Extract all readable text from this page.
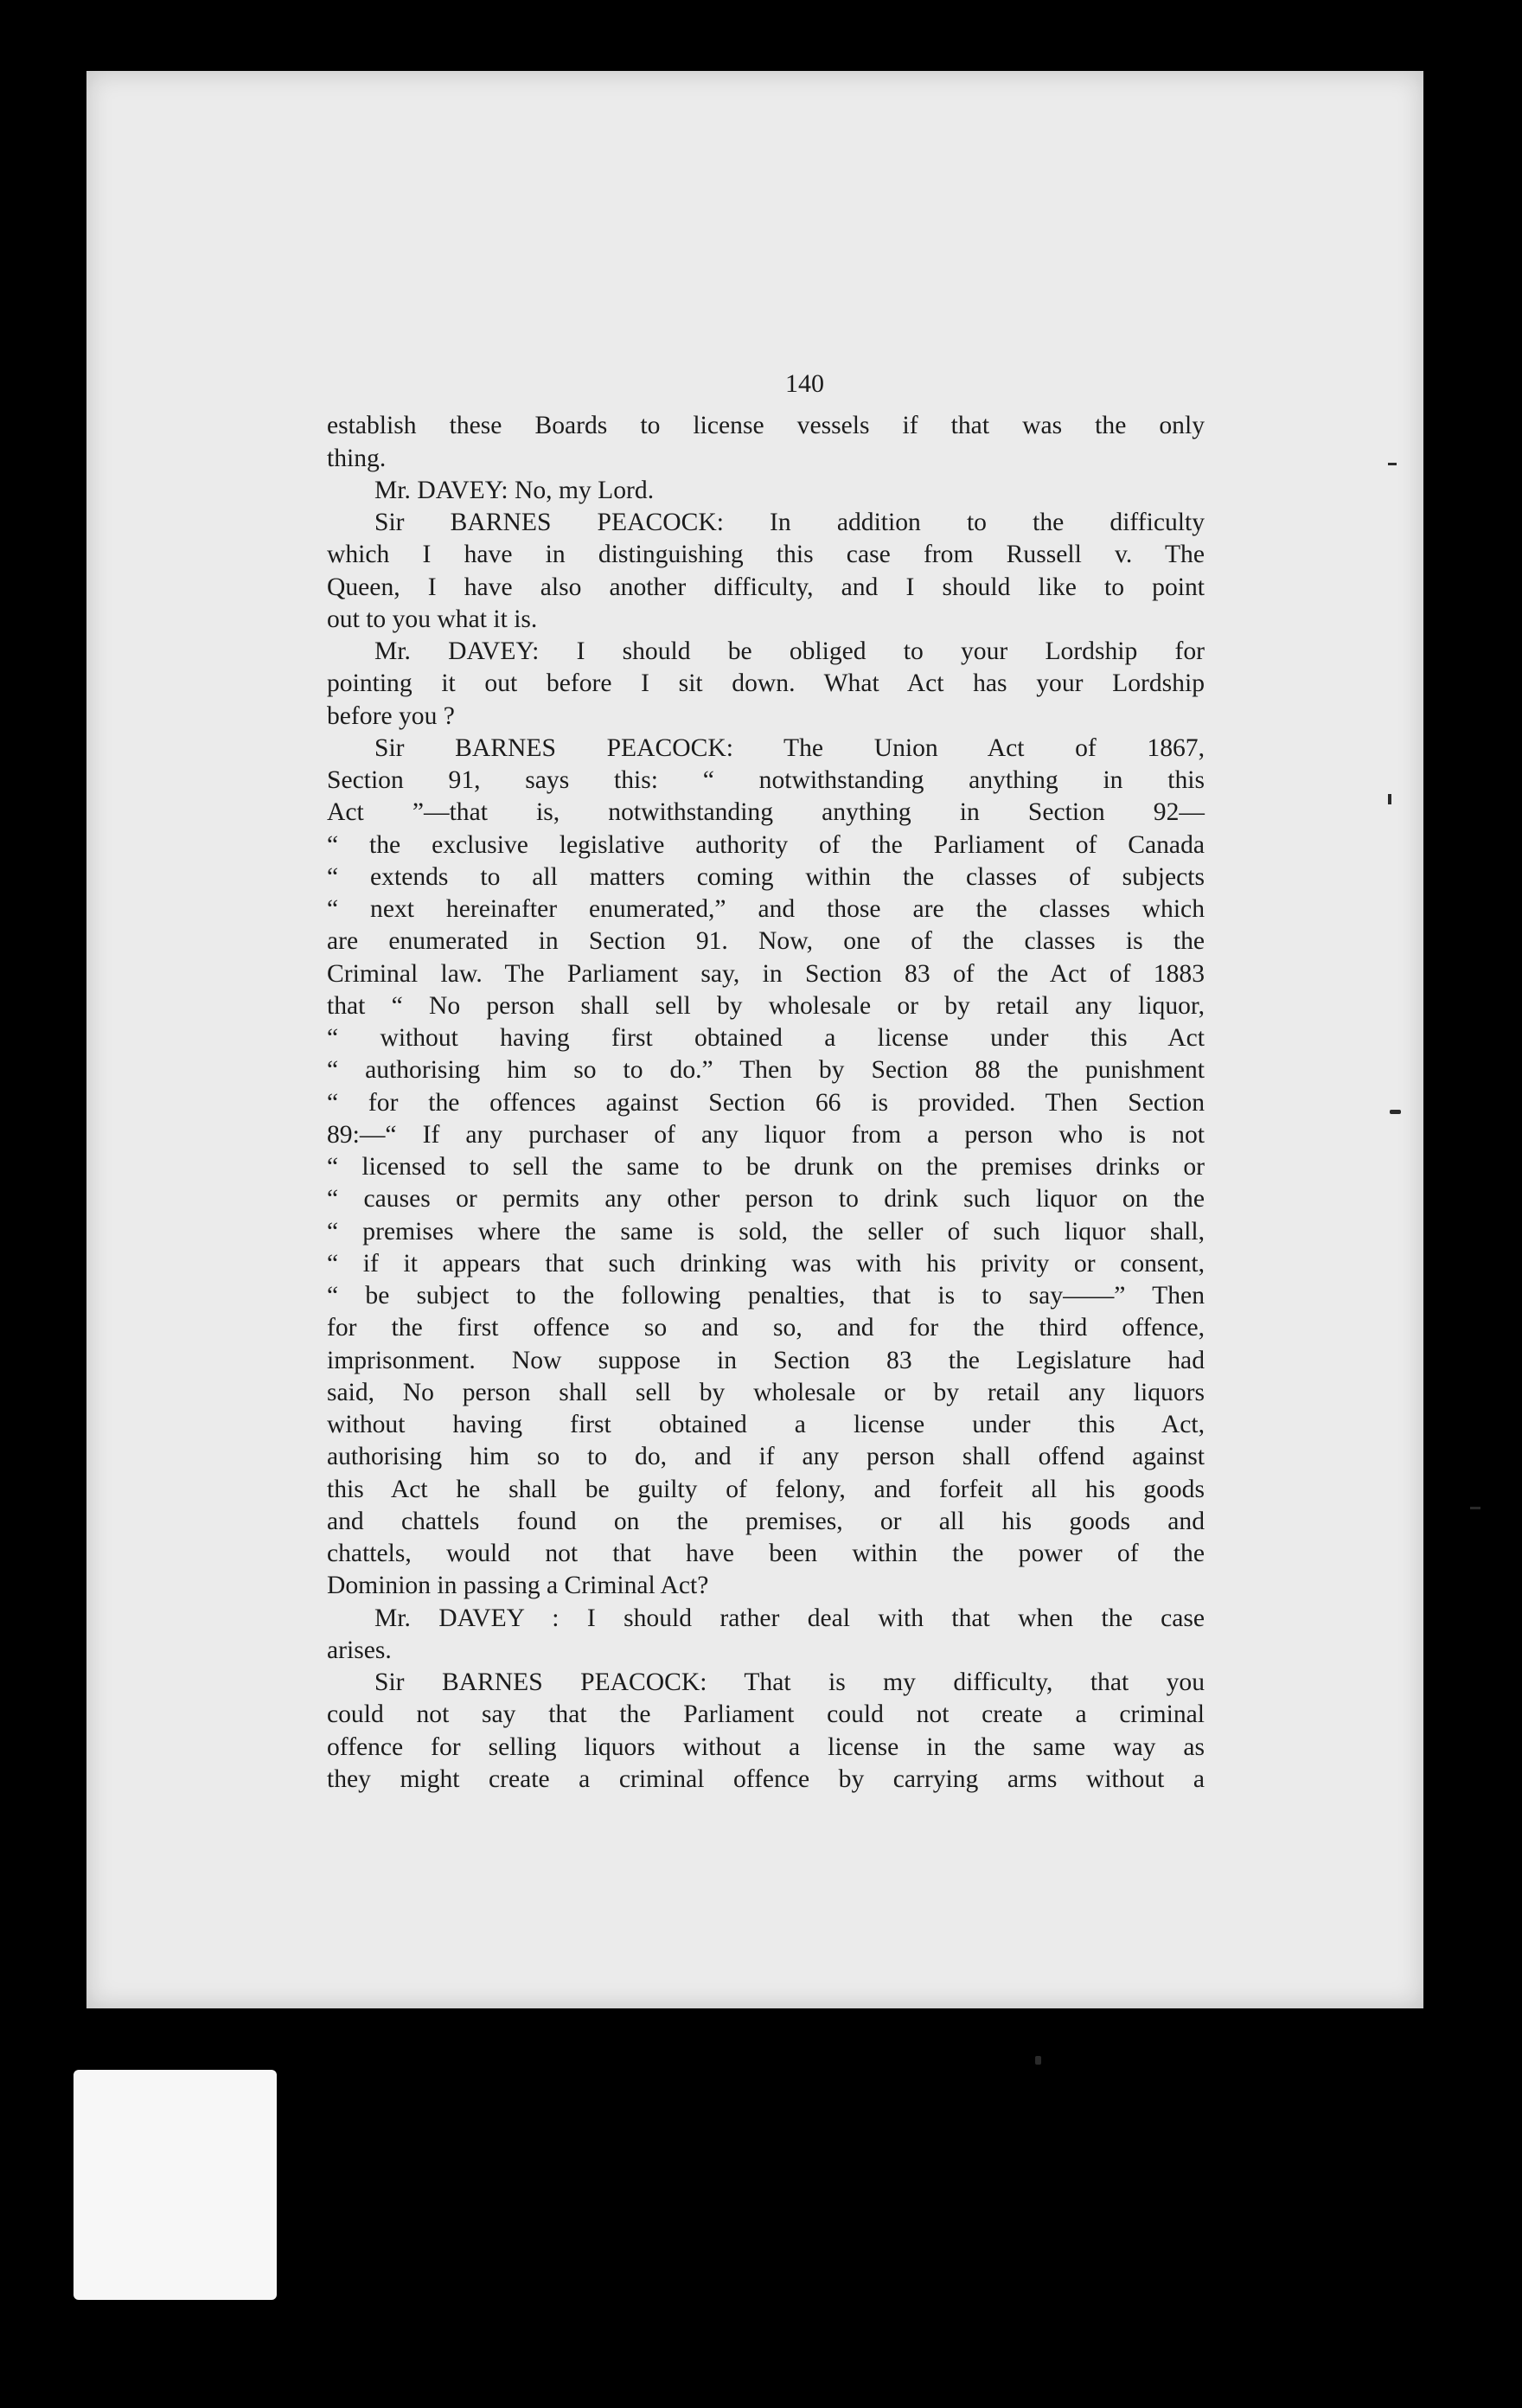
140
establish these Boards to license vessels if that was the only
thing.
Mr. DAVEY: No, my Lord.
Sir BARNES PEACOCK: In addition to the difficulty
which I have in distinguishing this case from Russell v. The
Queen, I have also another difficulty, and I should like to point
out to you what it is.
Mr. DAVEY: I should be obliged to your Lordship for
pointing it out before I sit down. What Act has your Lordship
before you ?
Sir BARNES PEACOCK: The Union Act of 1867,
Section 91, says this: “ notwithstanding anything in this
Act ”—that is, notwithstanding anything in Section 92—
“ the exclusive legislative authority of the Parliament of Canada
“ extends to all matters coming within the classes of subjects
“ next hereinafter enumerated,” and those are the classes which
are enumerated in Section 91. Now, one of the classes is the
Criminal law. The Parliament say, in Section 83 of the Act of 1883
that “ No person shall sell by wholesale or by retail any liquor,
“ without having first obtained a license under this Act
“ authorising him so to do.” Then by Section 88 the punishment
“ for the offences against Section 66 is provided. Then Section
89:—“ If any purchaser of any liquor from a person who is not
“ licensed to sell the same to be drunk on the premises drinks or
“ causes or permits any other person to drink such liquor on the
“ premises where the same is sold, the seller of such liquor shall,
“ if it appears that such drinking was with his privity or consent,
“ be subject to the following penalties, that is to say——” Then
for the first offence so and so, and for the third offence,
imprisonment. Now suppose in Section 83 the Legislature had
said, No person shall sell by wholesale or by retail any liquors
without having first obtained a license under this Act,
authorising him so to do, and if any person shall offend against
this Act he shall be guilty of felony, and forfeit all his goods
and chattels found on the premises, or all his goods and
chattels, would not that have been within the power of the
Dominion in passing a Criminal Act?
Mr. DAVEY : I should rather deal with that when the case
arises.
Sir BARNES PEACOCK: That is my difficulty, that you
could not say that the Parliament could not create a criminal
offence for selling liquors without a license in the same way as
they might create a criminal offence by carrying arms without a
